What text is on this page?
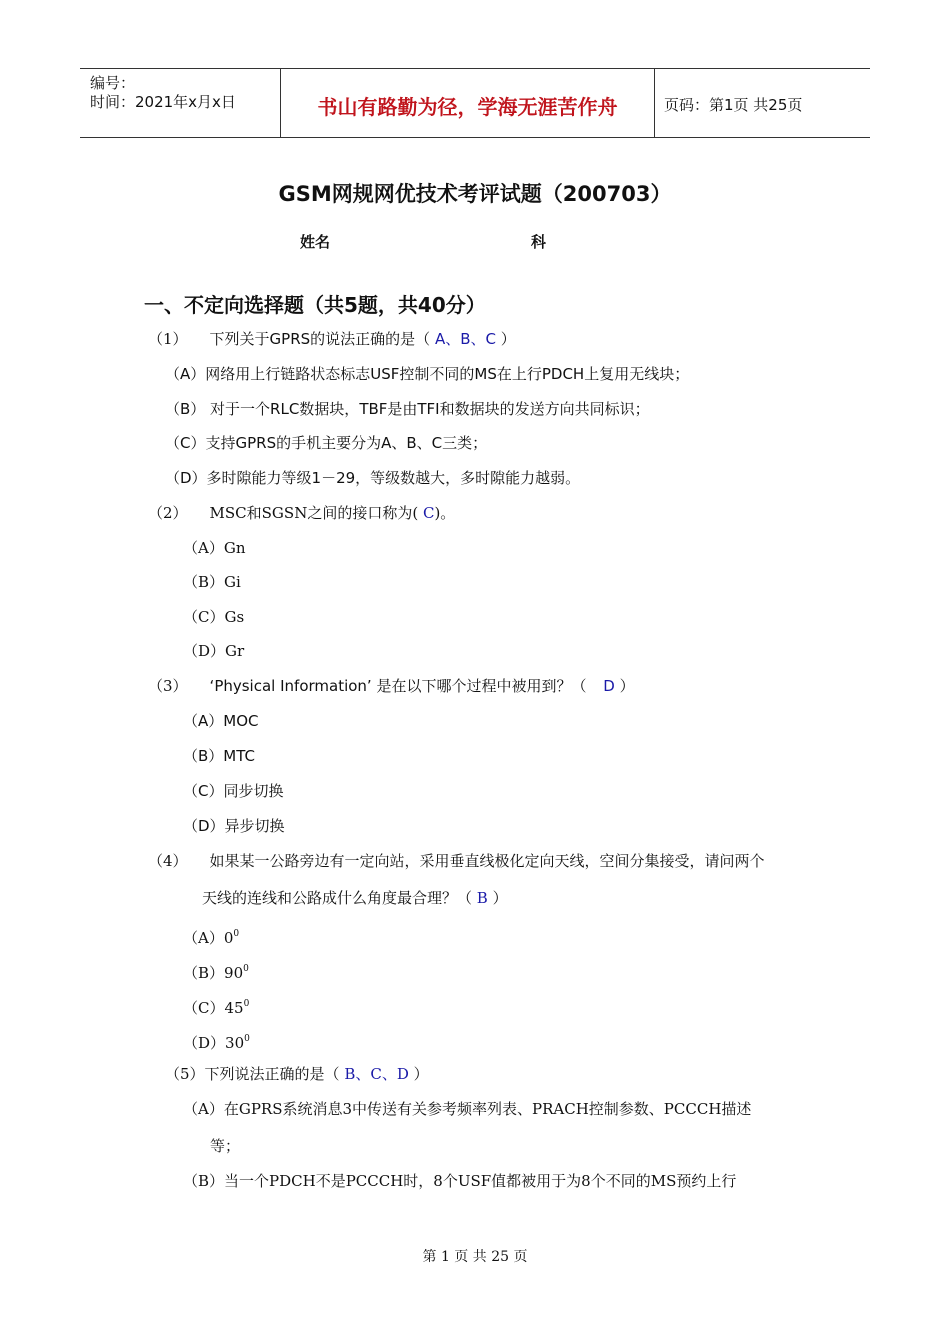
编号：
时间：2021年x月x日	书山有路勤为径，学海无涯苦作舟	页码：第1页 共25页
GSM网规网优技术考评试题（200703）
姓名	科
一、不定向选择题（共5题，共40分）
（1） 下列关于GPRS的说法正确的是（ A、B、C ）
（A）网络用上行链路状态标志USF控制不同的MS在上行PDCH上复用无线块；
（B） 对于一个RLC数据块，TBF是由TFI和数据块的发送方向共同标识；
（C）支持GPRS的手机主要分为A、B、C三类；
（D）多时隙能力等级1－29，等级数越大，多时隙能力越弱。
（2） MSC和SGSN之间的接口称为( C)。
（A）Gn
（B）Gi
（C）Gs
（D）Gr
（3） ‘Physical Information’ 是在以下哪个过程中被用到？（ D ）
（A）MOC
（B）MTC
（C）同步切换
（D）异步切换
（4） 如果某一公路旁边有一定向站，采用垂直线极化定向天线，空间分集接受，请问两个
天线的连线和公路成什么角度最合理？（ B ）
$(A)0^0$
$(B)90^0$
$(C)45^0$
$(D)30^0$
（5）下列说法正确的是（ B、C、D ）
（A）在GPRS系统消息3中传送有关参考频率列表、PRACH控制参数、PCCCH描述
等；
（B）当一个PDCH不是PCCCH时，8个USF值都被用于为8个不同的MS预约上行
第 1 页 共 25 页
